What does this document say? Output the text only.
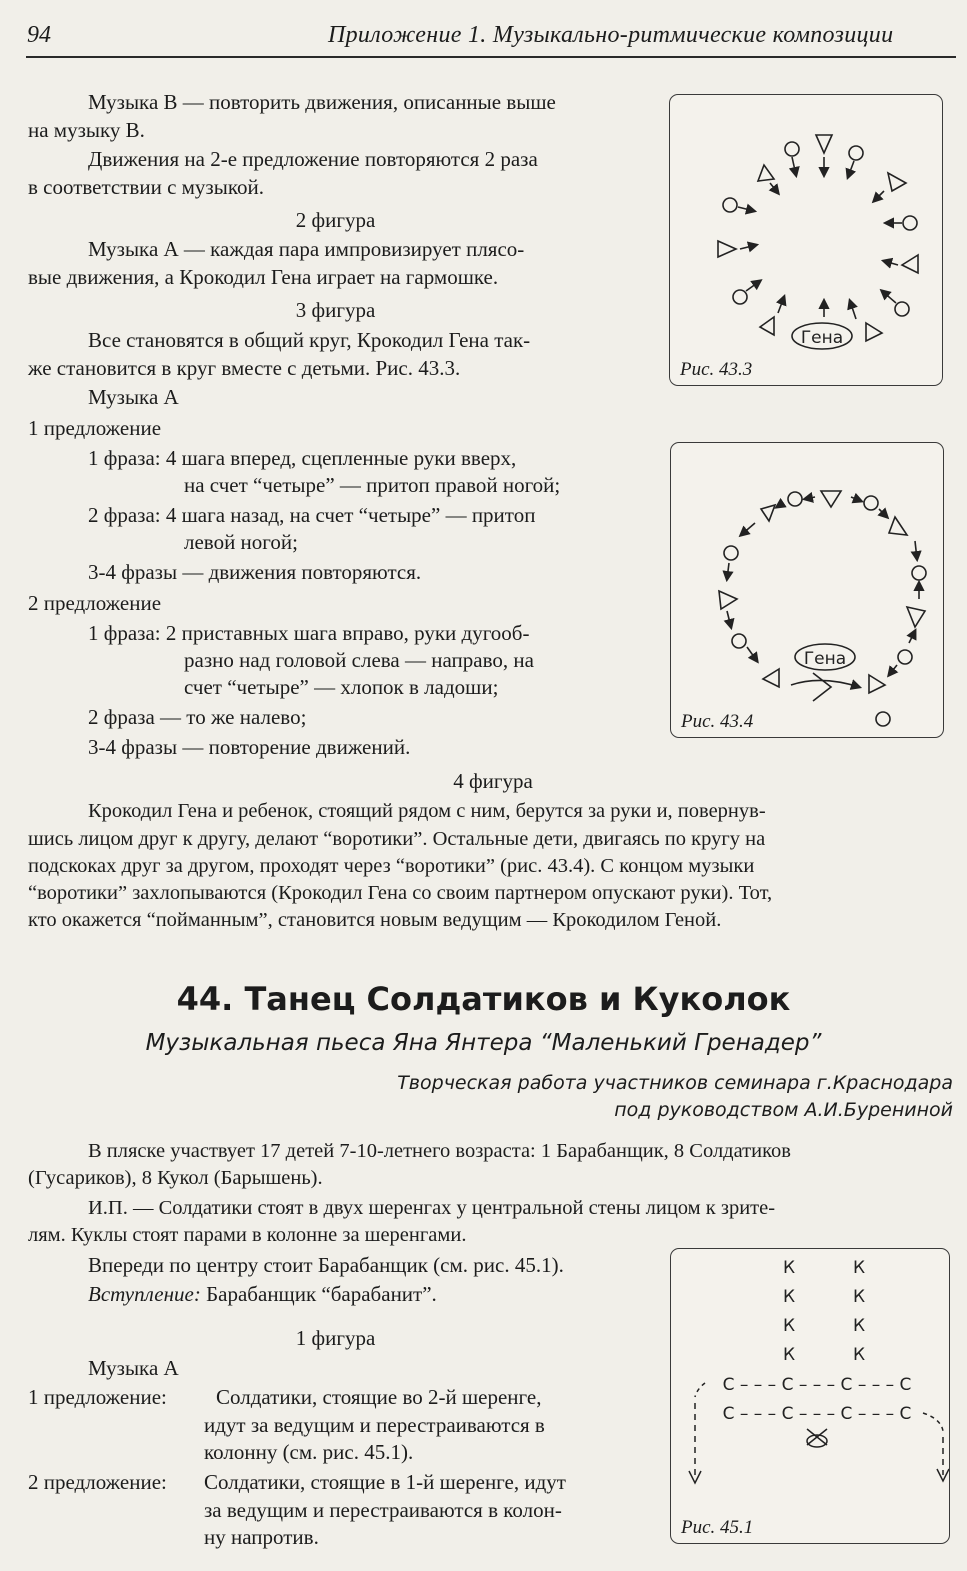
94	Приложение 1. Музыкально-ритмические композиции
Музыка В — повторить движения, описанные выше
на музыку В.
Движения на 2-е предложение повторяются 2 раза
в соответствии с музыкой.
2 фигура
Музыка А — каждая пара импровизирует плясо-
вые движения, а Крокодил Гена играет на гармошке.
3 фигура
Все становятся в общий круг, Крокодил Гена так-
же становится в круг вместе с детьми. Рис. 43.3.
Музыка А
1 предложение
1 фраза: 4 шага вперед, сцепленные руки вверх,
на счет “четыре” — притоп правой ногой;
2 фраза: 4 шага назад, на счет “четыре” — притоп
левой ногой;
3-4 фразы — движения повторяются.
2 предложение
1 фраза: 2 приставных шага вправо, руки дугооб-
разно над головой слева — направо, на
счет “четыре” — хлопок в ладоши;
2 фраза — то же налево;
3-4 фразы — повторение движений.
Гена
Рис. 43.3
Гена
Рис. 43.4
4 фигура
Крокодил Гена и ребенок, стоящий рядом с ним, берутся за руки и, повернув-
шись лицом друг к другу, делают “воротики”. Остальные дети, двигаясь по кругу на
подскоках друг за другом, проходят через “воротики” (рис. 43.4). С концом музыки
“воротики” захлопываются (Крокодил Гена со своим партнером опускают руки). Тот,
кто окажется “пойманным”, становится новым ведущим — Крокодилом Геной.
44. Танец Солдатиков и Куколок
Музыкальная пьеса Яна Янтера “Маленький Гренадер”
Творческая работа участников семинара г.Краснодара
под руководством А.И.Бурениной
В пляске участвует 17 детей 7-10-летнего возраста: 1 Барабанщик, 8 Солдатиков
(Гусариков), 8 Кукол (Барышень).
И.П. — Солдатики стоят в двух шеренгах у центральной стены лицом к зрите-
лям. Куклы стоят парами в колонне за шеренгами.
Впереди по центру стоит Барабанщик (см. рис. 45.1).
Вступление: Барабанщик “барабанит”.
1 фигура
Музыка А
1 предложение: Солдатики, стоящие во 2-й шеренге,
идут за ведущим и перестраиваются в
колонну (см. рис. 45.1).
2 предложение: Солдатики, стоящие в 1-й шеренге, идут
за ведущим и перестраиваются в колон-
ну напротив.
К	К
К	К
К	К
К	К
C – – – C – – – C – – – C
C – – – C – – – C – – – C
Рис. 45.1
